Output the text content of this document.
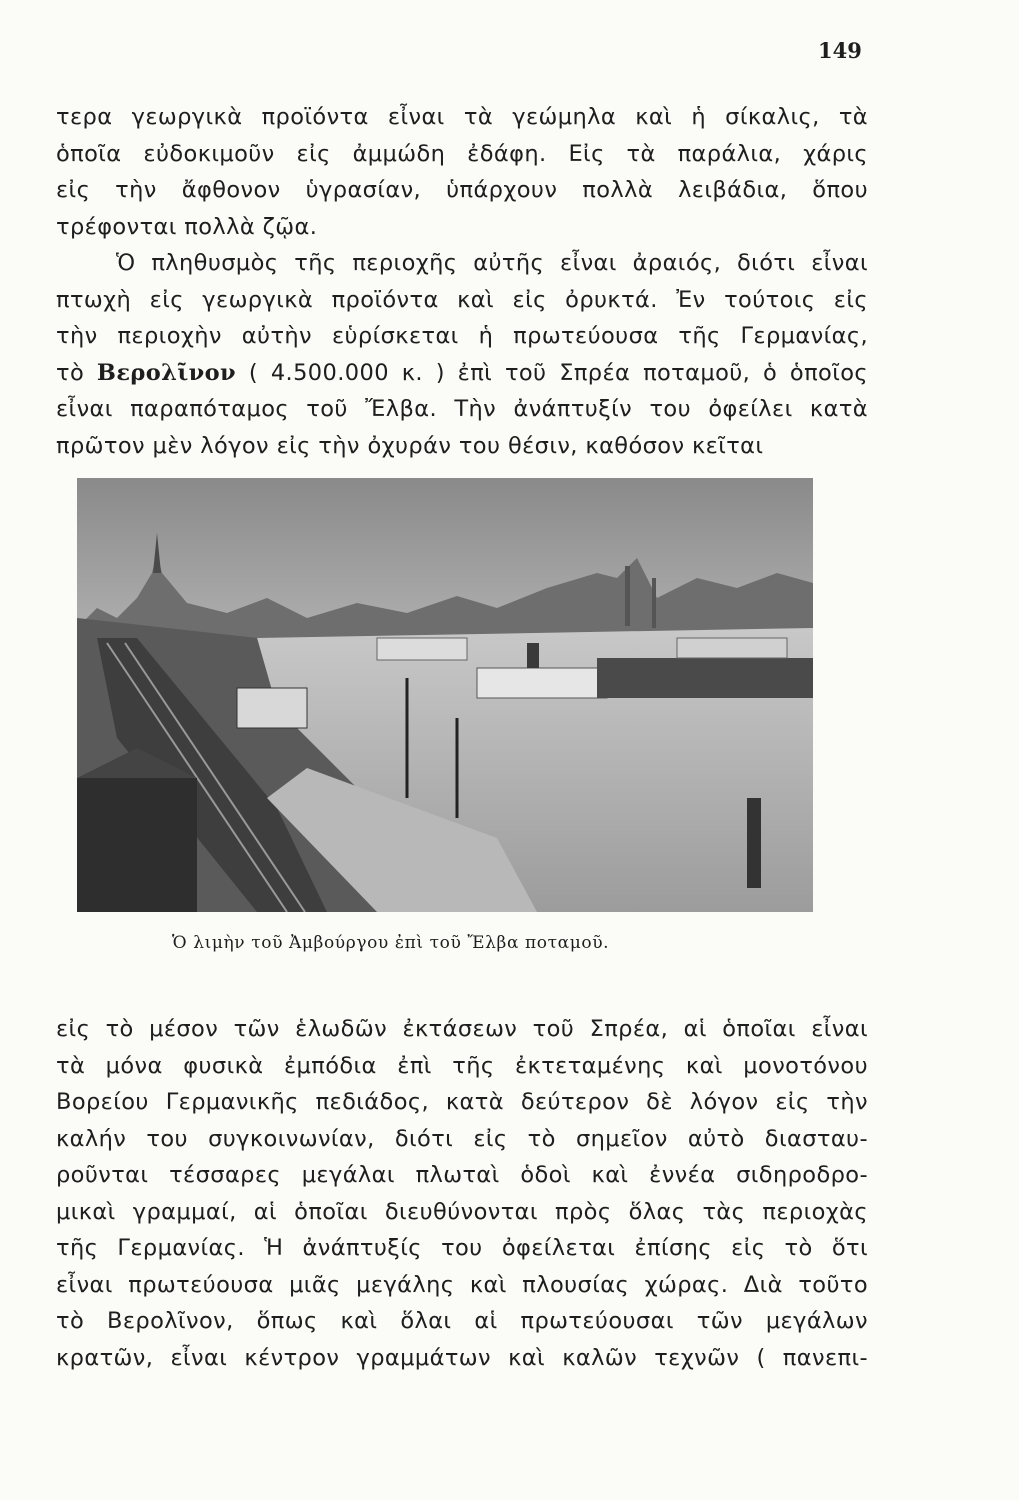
149
τερα γεωργικὰ προϊόντα εἶναι τὰ γεώμηλα καὶ ἡ σίκαλις, τὰ
ὁποῖα εὐδοκιμοῦν εἰς ἀμμώδη ἐδάφη. Εἰς τὰ παράλια, χάρις
εἰς τὴν ἄφθονον ὑγρασίαν, ὑπάρχουν πολλὰ λειβάδια, ὅπου
τρέφονται πολλὰ ζῷα.
Ὁ πληθυσμὸς τῆς περιοχῆς αὐτῆς εἶναι ἀραιός, διότι εἶναι
πτωχὴ εἰς γεωργικὰ προϊόντα καὶ εἰς ὀρυκτά. Ἐν τούτοις εἰς
τὴν περιοχὴν αὐτὴν εὑρίσκεται ἡ πρωτεύουσα τῆς Γερμανίας,
τὸ Βερολῖνον ( 4.500.000 κ. ) ἐπὶ τοῦ Σπρέα ποταμοῦ, ὁ ὁποῖος
εἶναι παραπόταμος τοῦ Ἔλβα. Τὴν ἀνάπτυξίν του ὀφείλει κατὰ
πρῶτον μὲν λόγον εἰς τὴν ὀχυράν του θέσιν, καθόσον κεῖται
Ὁ λιμὴν τοῦ Ἀμβούργου ἐπὶ τοῦ Ἔλβα ποταμοῦ.
εἰς τὸ μέσον τῶν ἑλωδῶν ἐκτάσεων τοῦ Σπρέα, αἱ ὁποῖαι εἶναι
τὰ μόνα φυσικὰ ἐμπόδια ἐπὶ τῆς ἐκτεταμένης καὶ μονοτόνου
Βορείου Γερμανικῆς πεδιάδος, κατὰ δεύτερον δὲ λόγον εἰς τὴν
καλήν του συγκοινωνίαν, διότι εἰς τὸ σημεῖον αὐτὸ διασταυ-
ροῦνται τέσσαρες μεγάλαι πλωταὶ ὁδοὶ καὶ ἐννέα σιδηροδρο-
μικαὶ γραμμαί, αἱ ὁποῖαι διευθύνονται πρὸς ὅλας τὰς περιοχὰς
τῆς Γερμανίας. Ἡ ἀνάπτυξίς του ὀφείλεται ἐπίσης εἰς τὸ ὅτι
εἶναι πρωτεύουσα μιᾶς μεγάλης καὶ πλουσίας χώρας. Διὰ τοῦτο
τὸ Βερολῖνον, ὅπως καὶ ὅλαι αἱ πρωτεύουσαι τῶν μεγάλων
κρατῶν, εἶναι κέντρον γραμμάτων καὶ καλῶν τεχνῶν ( πανεπι-
